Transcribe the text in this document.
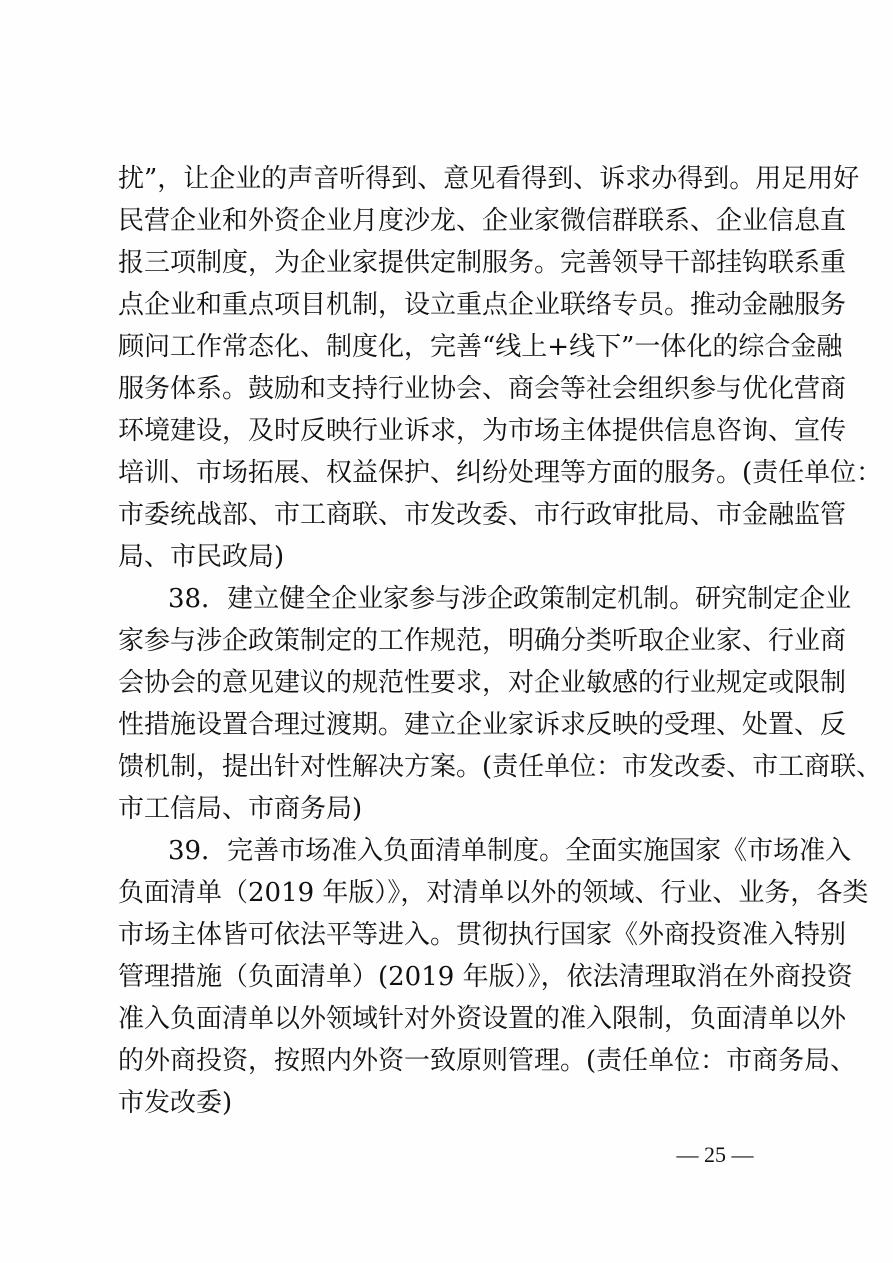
扰”，让企业的声音听得到、意见看得到、诉求办得到。用足用好
民营企业和外资企业月度沙龙、企业家微信群联系、企业信息直
报三项制度，为企业家提供定制服务。完善领导干部挂钩联系重
点企业和重点项目机制，设立重点企业联络专员。推动金融服务
顾问工作常态化、制度化，完善“线上+线下”一体化的综合金融
服务体系。鼓励和支持行业协会、商会等社会组织参与优化营商
环境建设，及时反映行业诉求，为市场主体提供信息咨询、宣传
培训、市场拓展、权益保护、纠纷处理等方面的服务。(责任单位：
市委统战部、市工商联、市发改委、市行政审批局、市金融监管
局、市民政局)
38．建立健全企业家参与涉企政策制定机制。研究制定企业
家参与涉企政策制定的工作规范，明确分类听取企业家、行业商
会协会的意见建议的规范性要求，对企业敏感的行业规定或限制
性措施设置合理过渡期。建立企业家诉求反映的受理、处置、反
馈机制，提出针对性解决方案。(责任单位：市发改委、市工商联、
市工信局、市商务局)
39．完善市场准入负面清单制度。全面实施国家《市场准入
负面清单（2019 年版）》，对清单以外的领域、行业、业务，各类
市场主体皆可依法平等进入。贯彻执行国家《外商投资准入特别
管理措施（负面清单）(2019 年版）》，依法清理取消在外商投资
准入负面清单以外领域针对外资设置的准入限制，负面清单以外
的外商投资，按照内外资一致原则管理。(责任单位：市商务局、
市发改委)
— 25 —
